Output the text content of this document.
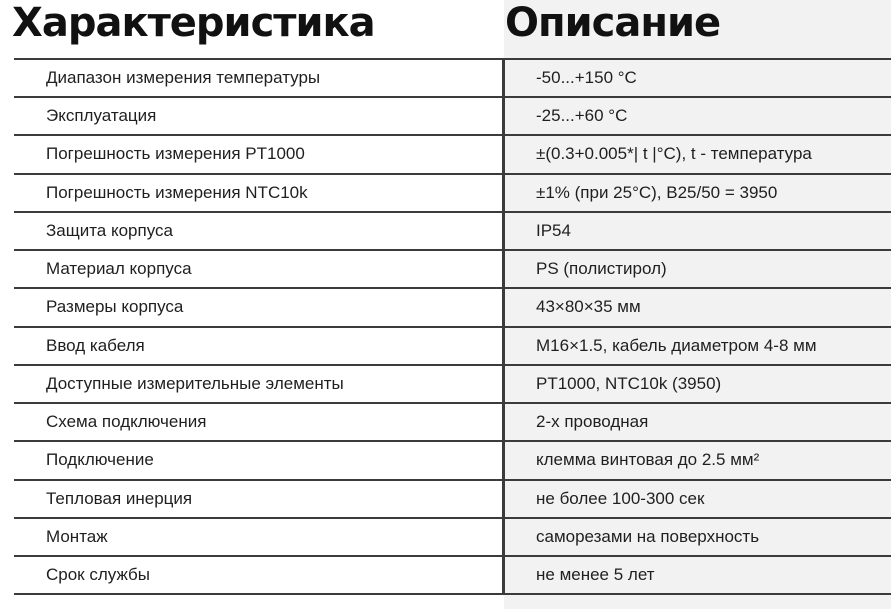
Характеристика	Описание
Диапазон измерения температуры	-50...+150 °C
Эксплуатация	-25...+60 °C
Погрешность измерения PT1000	±(0.3+0.005*| t |°C), t - температура
Погрешность измерения NTC10k	±1% (при 25°C), B25/50 = 3950
Защита корпуса	IP54
Материал корпуса	PS (полистирол)
Размеры корпуса	43×80×35 мм
Ввод кабеля	M16×1.5, кабель диаметром 4-8 мм
Доступные измерительные элементы	PT1000, NTC10k (3950)
Схема подключения	2-х проводная
Подключение	клемма винтовая до 2.5 мм²
Тепловая инерция	не более 100-300 сек
Монтаж	саморезами на поверхность
Срок службы	не менее 5 лет
